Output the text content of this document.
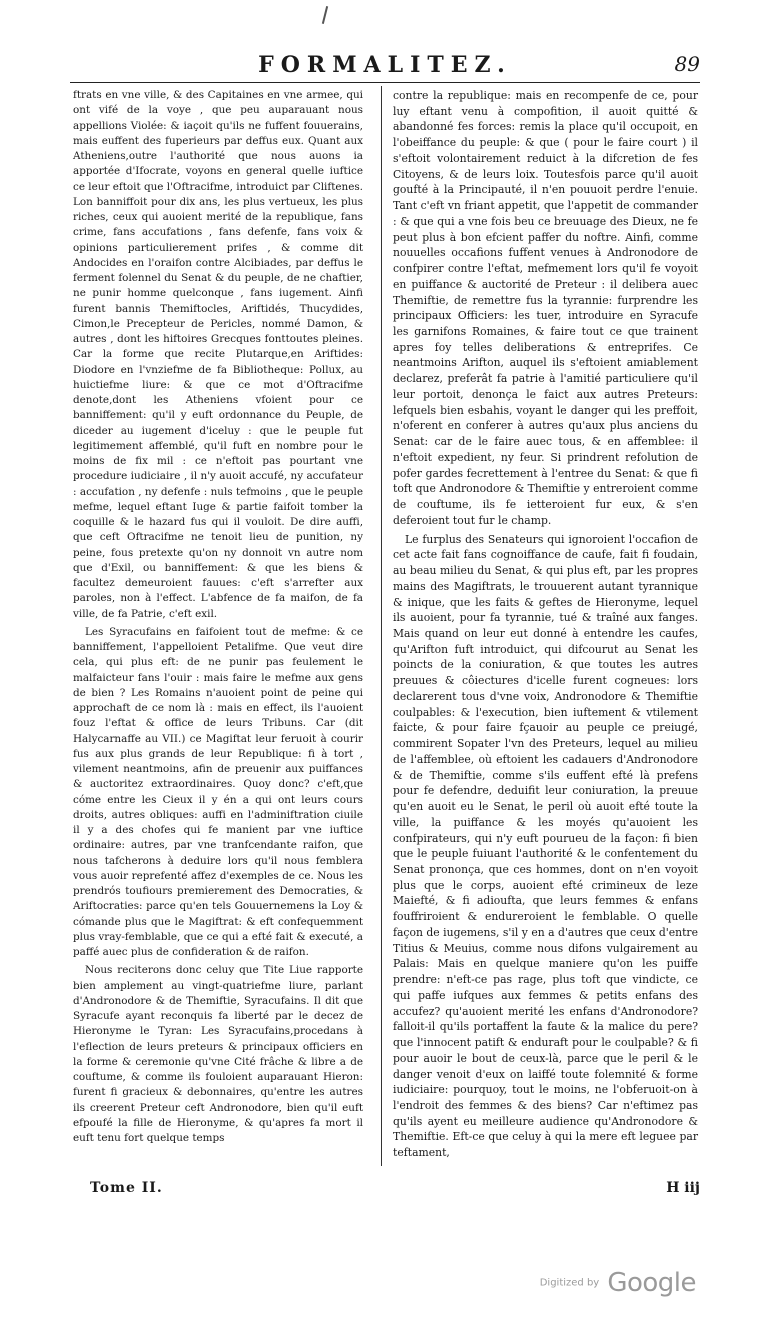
FORMALITEZ.	89

ftrats en vne ville, & des Capitaines en vne armee, qui ont vifé de la voye , que peu auparauant nous appellions Violée: & iaçoit qu'ils ne fuffent fouuerains, mais euffent des fuperieurs par deffus eux. Quant aux Atheniens,outre l'authorité que nous auons ia apportée d'Ifocrate, voyons en general quelle iuftice ce leur eftoit que l'Oftracifme, introduict par Cliftenes. Lon banniffoit pour dix ans, les plus vertueux, les plus riches, ceux qui auoient merité de la republique, fans crime, fans accufations , fans defenfe, fans voix & opinions particulierement prifes , & comme dit Andocides en l'oraifon contre Alcibiades, par deffus le ferment folennel du Senat & du peuple, de ne chaftier, ne punir homme quelconque , fans iugement. Ainfi furent bannis Themiftocles, Ariftidés, Thucydides, Cimon,le Precepteur de Pericles, nommé Damon, & autres , dont les hiftoires Grecques fonttoutes pleines. Car la forme que recite Plutarque,en Ariftides: Diodore en l'vnziefme de fa Bibliotheque: Pollux, au huictiefme liure: & que ce mot d'Oftracifme denote,dont les Atheniens vfoient pour ce banniffement: qu'il y euft ordonnance du Peuple, de diceder au iugement d'iceluy : que le peuple fut legitimement affemblé, qu'il fuft en nombre pour le moins de fix mil : ce n'eftoit pas pourtant vne procedure iudiciaire , il n'y auoit accufé, ny accufateur : accufation , ny defenfe : nuls tefmoins , que le peuple mefme, lequel eftant Iuge & partie faifoit tomber la coquille & le hazard fus qui il vouloit. De dire auffi, que ceft Oftracifme ne tenoit lieu de punition, ny peine, fous pretexte qu'on ny donnoit vn autre nom que d'Exil, ou banniffement: & que les biens & facultez demeuroient fauues: c'eft s'arrefter aux paroles, non à l'effect. L'abfence de fa maifon, de fa ville, de fa Patrie, c'eft exil.

Les Syracufains en faifoient tout de mefme: & ce banniffement, l'appelloient Petalifme. Que veut dire cela, qui plus eft: de ne punir pas feulement le malfaicteur fans l'ouir : mais faire le mefme aux gens de bien ? Les Romains n'auoient point de peine qui approchaft de ce nom là : mais en effect, ils l'auoient fouz l'eftat & office de leurs Tribuns. Car (dit Halycarnaffe au VII.) ce Magiftat leur feruoit à courir fus aux plus grands de leur Republique: fi à tort , vilement neantmoins, afin de preuenir aux puiffances & auctoritez extraordinaires. Quoy donc? c'eft,que cóme entre les Cieux il y én a qui ont leurs cours droits, autres obliques: auffi en l'adminiftration ciuile il y a des chofes qui fe manient par vne iuftice ordinaire: autres, par vne tranfcendante raifon, que nous tafcherons à deduire lors qu'il nous femblera vous auoir reprefenté affez d'exemples de ce. Nous les prendrós toufiours premierement des Democraties, & Ariftocraties: parce qu'en tels Gouuernemens la Loy & cómande plus que le Magiftrat: & eft confequemment plus vray-femblable, que ce qui a efté fait & executé, a paffé auec plus de confideration & de raifon.

Nous reciterons donc celuy que Tite Liue rapporte bien amplement au vingt-quatriefme liure, parlant d'Andronodore & de Themiftie, Syracufains. Il dit que Syracufe ayant reconquis fa liberté par le decez de Hieronyme le Tyran: Les Syracufains,procedans à l'eflection de leurs preteurs & principaux officiers en la forme & ceremonie qu'vne Cité frâche & libre a de couftume, & comme ils fouloient auparauant Hieron: furent fi gracieux & debonnaires, qu'entre les autres ils creerent Preteur ceft Andronodore, bien qu'il euft efpoufé la fille de Hieronyme, & qu'apres fa mort il euft tenu fort quelque temps

contre la republique: mais en recompenfe de ce, pour luy eftant venu à compofition, il auoit quitté & abandonné fes forces: remis la place qu'il occupoit, en l'obeiffance du peuple: & que ( pour le faire court ) il s'eftoit volontairement reduict à la difcretion de fes Citoyens, & de leurs loix. Toutesfois parce qu'il auoit goufté à la Principauté, il n'en pouuoit perdre l'enuie. Tant c'eft vn friant appetit, que l'appetit de commander : & que qui a vne fois beu ce breuuage des Dieux, ne fe peut plus à bon efcient paffer du noftre. Ainfi, comme nouuelles occafions fuffent venues à Andronodore de confpirer contre l'eftat, mefmement lors qu'il fe voyoit en puiffance & auctorité de Preteur : il delibera auec Themiftie, de remettre fus la tyrannie: furprendre les principaux Officiers: les tuer, introduire en Syracufe les garnifons Romaines, & faire tout ce que trainent apres foy telles deliberations & entreprifes. Ce neantmoins Arifton, auquel ils s'eftoient amiablement declarez, preferât fa patrie à l'amitié particuliere qu'il leur portoit, denonça le faict aux autres Preteurs: lefquels bien esbahis, voyant le danger qui les preffoit, n'oferent en conferer à autres qu'aux plus anciens du Senat: car de le faire auec tous, & en affemblee: il n'eftoit expedient, ny feur. Si prindrent refolution de pofer gardes fecrettement à l'entree du Senat: & que fi toft que Andronodore & Themiftie y entreroient comme de couftume, ils fe ietteroient fur eux, & s'en deferoient tout fur le champ.

Le furplus des Senateurs qui ignoroient l'occafion de cet acte fait fans cognoiffance de caufe, fait fi foudain, au beau milieu du Senat, & qui plus eft, par les propres mains des Magiftrats, le trouuerent autant tyrannique & inique, que les faits & geftes de Hieronyme, lequel ils auoient, pour fa tyrannie, tué & traîné aux fanges. Mais quand on leur eut donné à entendre les caufes, qu'Arifton fuft introduict, qui difcourut au Senat les poincts de la coniuration, & que toutes les autres preuues & côiectures d'icelle furent cogneues: lors declarerent tous d'vne voix, Andronodore & Themiftie coulpables: & l'execution, bien iuftement & vtilement faicte, & pour faire fçauoir au peuple ce preiugé, commirent Sopater l'vn des Preteurs, lequel au milieu de l'affemblee, où eftoient les cadauers d'Andronodore & de Themiftie, comme s'ils euffent efté là prefens pour fe defendre, deduifit leur coniuration, la preuue qu'en auoit eu le Senat, le peril où auoit efté toute la ville, la puiffance & les moyés qu'auoient les confpirateurs, qui n'y euft pourueu de la façon: fi bien que le peuple fuiuant l'authorité & le confentement du Senat prononça, que ces hommes, dont on n'en voyoit plus que le corps, auoient efté crimineux de leze Maiefté, & fi adioufta, que leurs femmes & enfans fouffriroient & endureroient le femblable. O quelle façon de iugemens, s'il y en a d'autres que ceux d'entre Titius & Meuius, comme nous difons vulgairement au Palais: Mais en quelque maniere qu'on les puiffe prendre: n'eft-ce pas rage, plus toft que vindicte, ce qui paffe iufques aux femmes & petits enfans des accufez? qu'auoient merité les enfans d'Andronodore? falloit-il qu'ils portaffent la faute & la malice du pere? que l'innocent patift & enduraft pour le coulpable? & fi pour auoir le bout de ceux-là, parce que le peril & le danger venoit d'eux on laiffé toute folemnité & forme iudiciaire: pourquoy, tout le moins, ne l'obferuoit-on à l'endroit des femmes & des biens? Car n'eftimez pas qu'ils ayent eu meilleure audience qu'Andronodore & Themiftie. Eft-ce que celuy à qui la mere eft leguee par teftament,

Tome II.	H iij
Digitized by Google
